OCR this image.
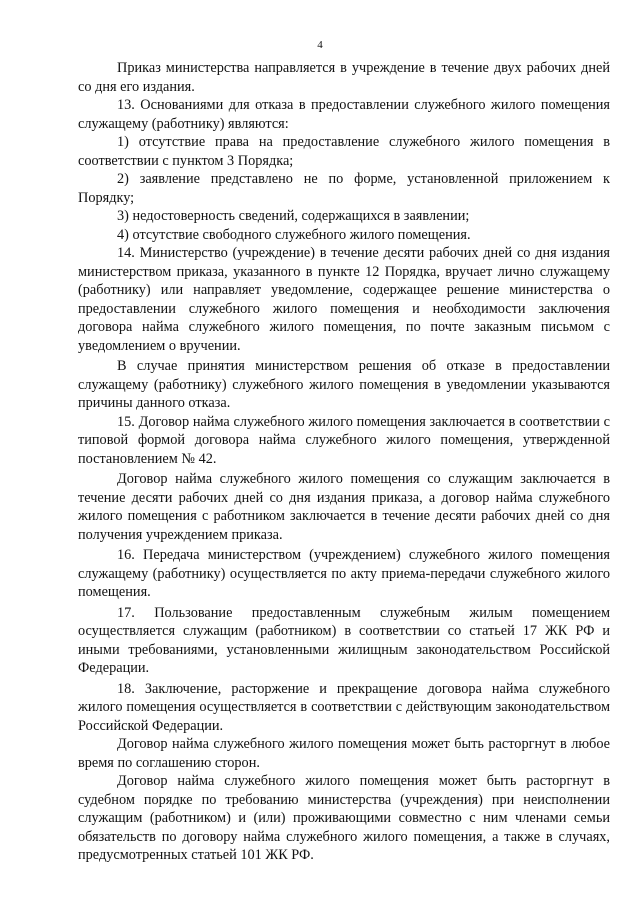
4

Приказ министерства направляется в учреждение в течение двух рабочих дней со дня его издания.

13. Основаниями для отказа в предоставлении служебного жилого помещения служащему (работнику) являются:

1) отсутствие права на предоставление служебного жилого помещения в соответствии с пунктом 3 Порядка;

2) заявление представлено не по форме, установленной приложением к Порядку;

3) недостоверность сведений, содержащихся в заявлении;

4) отсутствие свободного служебного жилого помещения.

14. Министерство (учреждение) в течение десяти рабочих дней со дня издания министерством приказа, указанного в пункте 12 Порядка, вручает лично служащему (работнику) или направляет уведомление, содержащее решение министерства о предоставлении служебного жилого помещения и необходимости заключения договора найма служебного жилого помещения, по почте заказным письмом с уведомлением о вручении.

В случае принятия министерством решения об отказе в предоставлении служащему (работнику) служебного жилого помещения в уведомлении указываются причины данного отказа.

15. Договор найма служебного жилого помещения заключается в соответствии с типовой формой договора найма служебного жилого помещения, утвержденной постановлением № 42.

Договор найма служебного жилого помещения со служащим заключается в течение десяти рабочих дней со дня издания приказа, а договор найма служебного жилого помещения с работником заключается в течение десяти рабочих дней со дня получения учреждением приказа.

16. Передача министерством (учреждением) служебного жилого помещения служащему (работнику) осуществляется по акту приема-передачи служебного жилого помещения.

17. Пользование предоставленным служебным жилым помещением осуществляется служащим (работником) в соответствии со статьей 17 ЖК РФ и иными требованиями, установленными жилищным законодательством Российской Федерации.

18. Заключение, расторжение и прекращение договора найма служебного жилого помещения осуществляется в соответствии с действующим законодательством Российской Федерации.

Договор найма служебного жилого помещения может быть расторгнут в любое время по соглашению сторон.

Договор найма служебного жилого помещения может быть расторгнут в судебном порядке по требованию министерства (учреждения) при неисполнении служащим (работником) и (или) проживающими совместно с ним членами семьи обязательств по договору найма служебного жилого помещения, а также в случаях, предусмотренных статьей 101 ЖК РФ.
